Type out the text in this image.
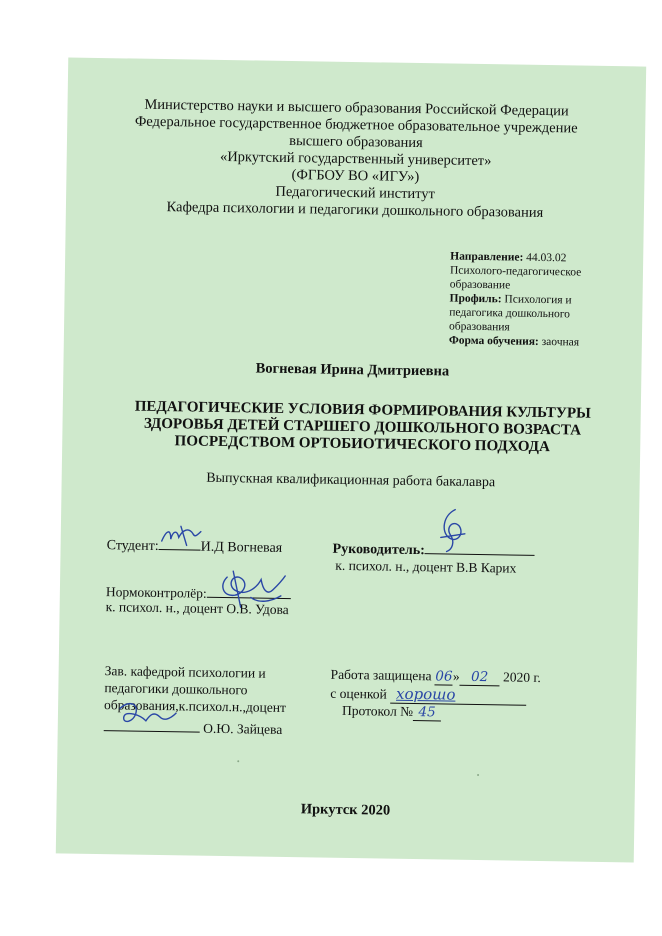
Министерство науки и высшего образования Российской Федерации
Федеральное государственное бюджетное образовательное учреждение
высшего образования
«Иркутский государственный университет»
(ФГБОУ ВО «ИГУ»)
Педагогический институт
Кафедра психологии и педагогики дошкольного образования
Направление: 44.03.02
Психолого-педагогическое
образование
Профиль: Психология и
педагогика дошкольного
образования
Форма обучения: заочная
Вогневая Ирина Дмитриевна
ПЕДАГОГИЧЕСКИЕ УСЛОВИЯ ФОРМИРОВАНИЯ КУЛЬТУРЫ
ЗДОРОВЬЯ ДЕТЕЙ СТАРШЕГО ДОШКОЛЬНОГО ВОЗРАСТА
ПОСРЕДСТВОМ ОРТОБИОТИЧЕСКОГО ПОДХОДА
Выпускная квалификационная работа бакалавра
Студент:	И.Д Вогневая	Руководитель:
к. психол. н., доцент В.В Карих
Нормоконтролёр:
к. психол. н., доцент О.В. Удова
Зав. кафедрой психологии и
педагогики дошкольного
образования,к.психол.н.,доцент
О.Ю. Зайцева
Работа защищена 06» 02 2020 г.
с оценкой хорошо
Протокол № 45
Иркутск 2020
